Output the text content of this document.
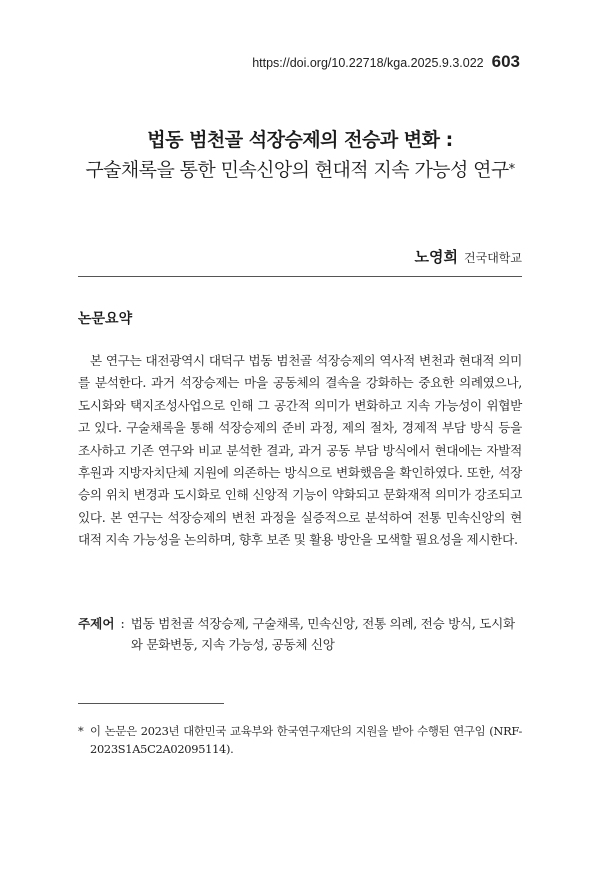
https://doi.org/10.22718/kga.2025.9.3.022 603

법동 범천골 석장승제의 전승과 변화 :

구술채록을 통한 민속신앙의 현대적 지속 가능성 연구*

노영희 건국대학교
논문요약

본 연구는 대전광역시 대덕구 법동 범천골 석장승제의 역사적 변천과 현대적 의미를 분석한다. 과거 석장승제는 마을 공동체의 결속을 강화하는 중요한 의례였으나, 도시화와 택지조성사업으로 인해 그 공간적 의미가 변화하고 지속 가능성이 위협받고 있다. 구술채록을 통해 석장승제의 준비 과정, 제의 절차, 경제적 부담 방식 등을 조사하고 기존 연구와 비교 분석한 결과, 과거 공동 부담 방식에서 현대에는 자발적 후원과 지방자치단체 지원에 의존하는 방식으로 변화했음을 확인하였다. 또한, 석장승의 위치 변경과 도시화로 인해 신앙적 기능이 약화되고 문화재적 의미가 강조되고 있다. 본 연구는 석장승제의 변천 과정을 실증적으로 분석하여 전통 민속신앙의 현대적 지속 가능성을 논의하며, 향후 보존 및 활용 방안을 모색할 필요성을 제시한다.

주제어 : 법동 범천골 석장승제, 구술채록, 민속신앙, 전통 의례, 전승 방식, 도시화와 문화변동, 지속 가능성, 공동체 신앙
* 이 논문은 2023년 대한민국 교육부와 한국연구재단의 지원을 받아 수행된 연구임 (NRF-2023S1A5C2A02095114).
